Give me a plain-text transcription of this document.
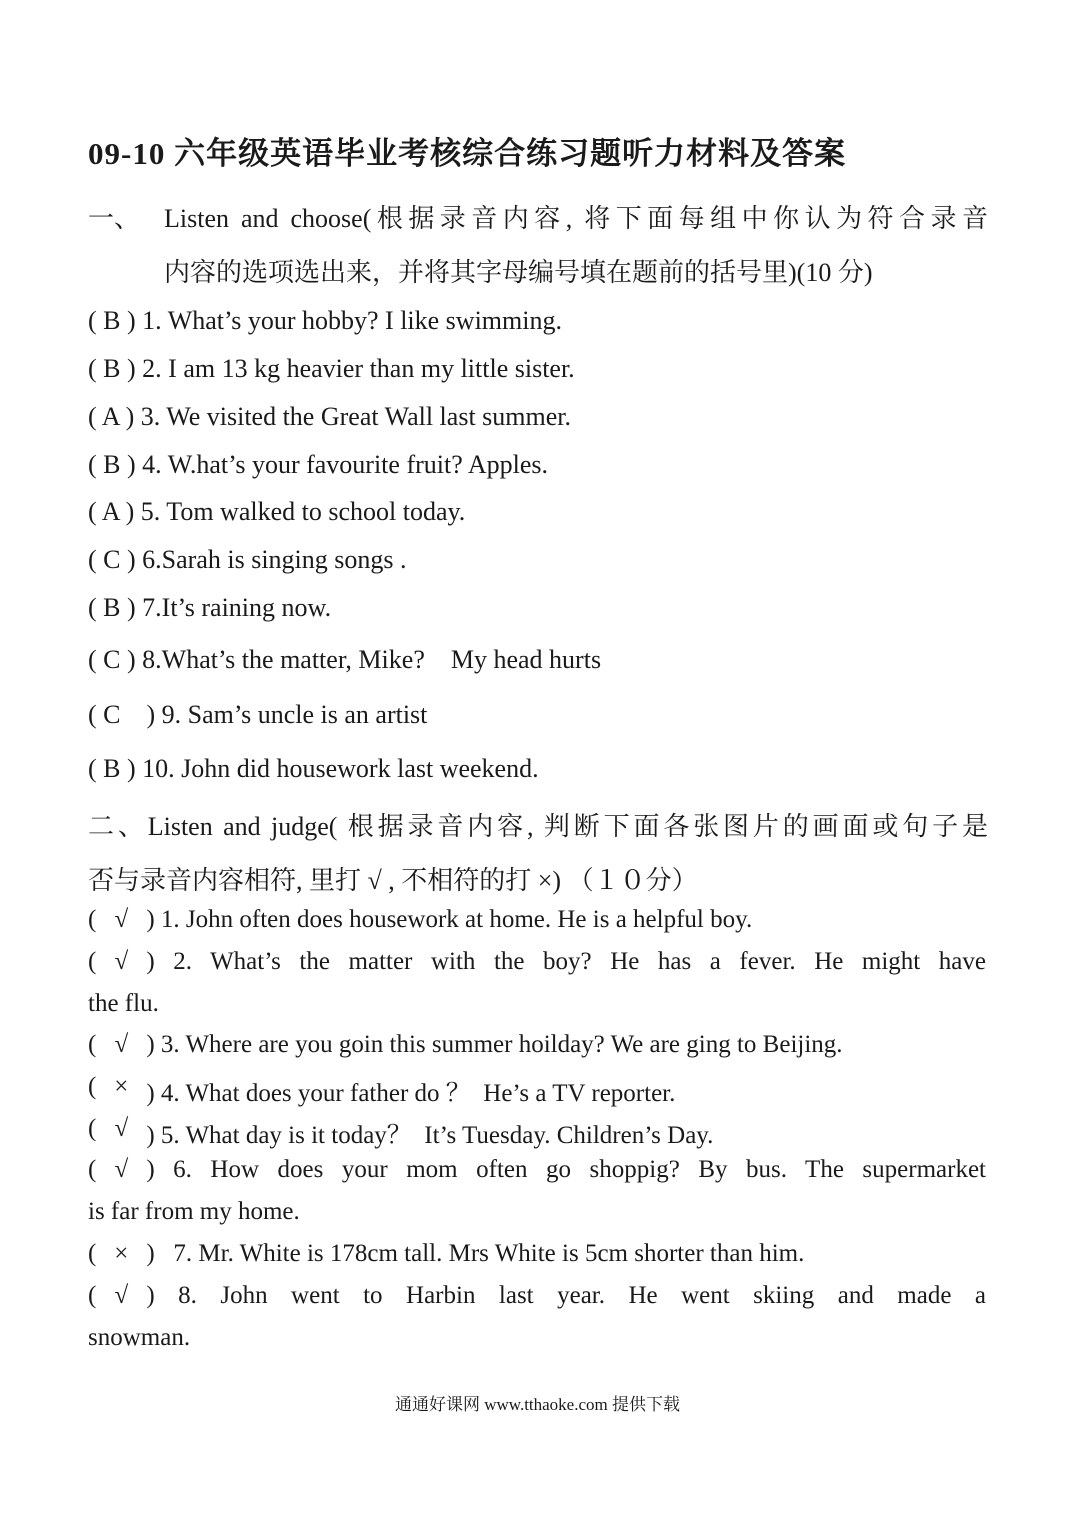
09-10 六年级英语毕业考核综合练习题听力材料及答案
一、 Listen and choose(根据录音内容, 将下面每组中你认为符合录音
内容的选项选出来，并将其字母编号填在题前的括号里)(10 分)
( B ) 1. What’s your hobby? I like swimming.
( B ) 2. I am 13 kg heavier than my little sister.
( A ) 3. We visited the Great Wall last summer.
( B ) 4. W.hat’s your favourite fruit? Apples.
( A ) 5. Tom walked to school today.
( C ) 6.Sarah is singing songs .
( B ) 7.It’s raining now.
( C ) 8.What’s the matter, Mike?    My head hurts
( C    ) 9. Sam’s uncle is an artist
( B ) 10. John did housework last weekend.
二、Listen and judge( 根据录音内容, 判断下面各张图片的画面或句子是
否与录音内容相符, 里打 √ , 不相符的打 ×) （１０分）
( √ ) 1. John often does housework at home. He is a helpful boy.
( √ ) 2. What’s the matter with the boy? He has a fever. He might have
the flu.
( √ ) 3. Where are you goin this summer hoilday? We are ging to Beijing.
( × ) 4. What does your father do ？  He’s a TV reporter.
( √ ) 5. What day is it today？  It’s Tuesday. Children’s Day.
( √ ) 6. How does your mom often go shoppig? By bus. The supermarket
is far from my home.
( × )   7. Mr. White is 178cm tall. Mrs White is 5cm shorter than him.
( √ ) 8. John went to Harbin last year. He went skiing and made a
snowman.
通通好课网 www.tthaoke.com 提供下载
